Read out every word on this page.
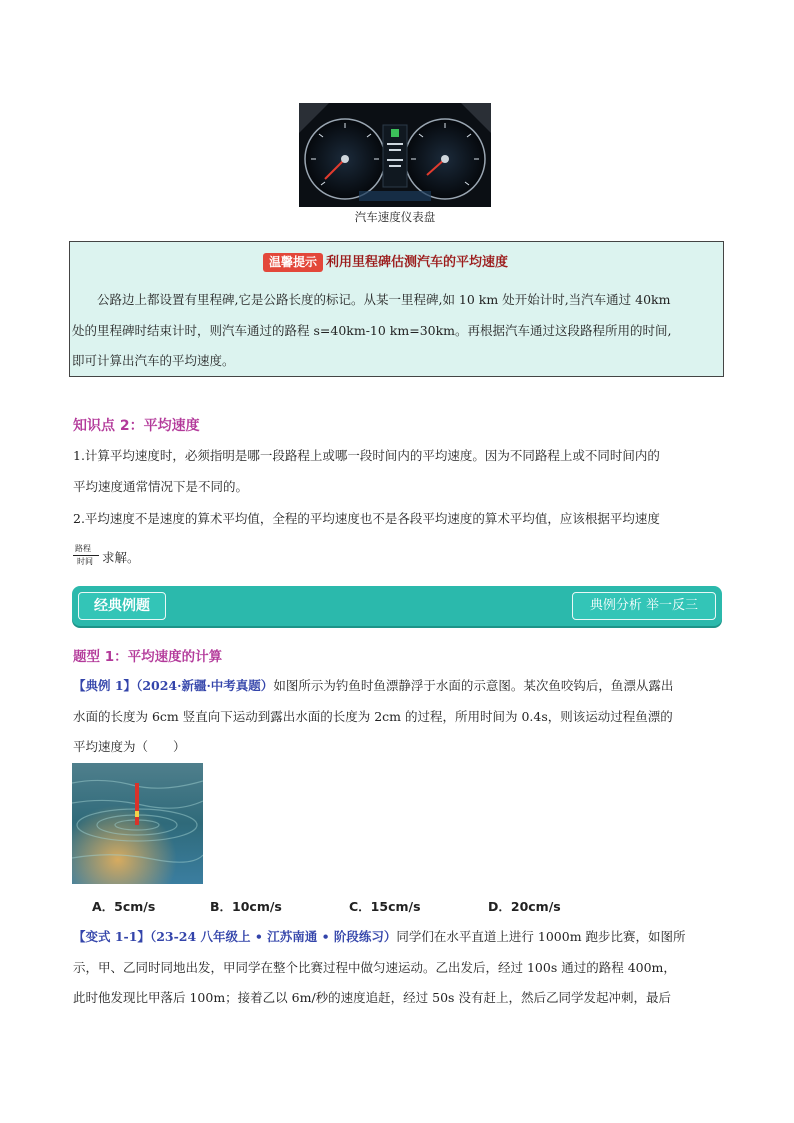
汽车速度仪表盘
温馨提示 利用里程碑估测汽车的平均速度
　　公路边上都设置有里程碑,它是公路长度的标记。从某一里程碑,如 10 km 处开始计时,当汽车通过 40km
处的里程碑时结束计时，则汽车通过的路程 s=40km-10 km=30km。再根据汽车通过这段路程所用的时间,
即可计算出汽车的平均速度。
知识点 2：平均速度
1.计算平均速度时，必须指明是哪一段路程上或哪一段时间内的平均速度。因为不同路程上或不同时间内的
平均速度通常情况下是不同的。
2.平均速度不是速度的算术平均值，全程的平均速度也不是各段平均速度的算术平均值，应该根据平均速度
路程
时间 求解。
经典例题	典例分析 举一反三
题型 1：平均速度的计算
【典例 1】（2024·新疆·中考真题）如图所示为钓鱼时鱼漂静浮于水面的示意图。某次鱼咬钩后，鱼漂从露出
水面的长度为 6cm 竖直向下运动到露出水面的长度为 2cm 的过程，所用时间为 0.4s，则该运动过程鱼漂的
平均速度为（　　）
A．5cm/s	B．10cm/s	C．15cm/s	D．20cm/s
【变式 1-1】（23-24 八年级上 • 江苏南通 • 阶段练习）同学们在水平直道上进行 1000m 跑步比赛，如图所
示，甲、乙同时同地出发，甲同学在整个比赛过程中做匀速运动。乙出发后，经过 100s 通过的路程 400m，
此时他发现比甲落后 100m；接着乙以 6m/秒的速度追赶，经过 50s 没有赶上，然后乙同学发起冲刺，最后
